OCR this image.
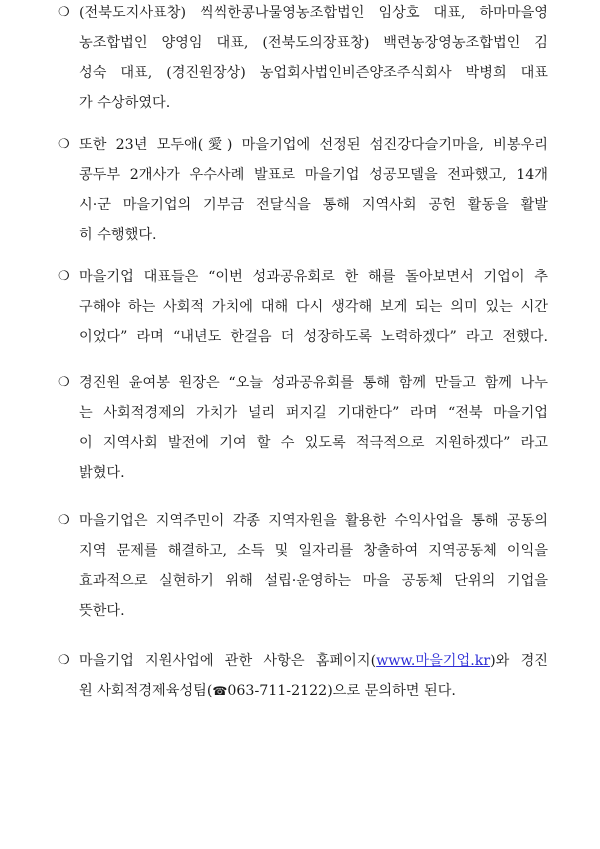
❍ (전북도지사표창) 씩씩한콩나물영농조합법인 임상호 대표, 하마마을영
농조합법인 양영임 대표, (전북도의장표창) 백련농장영농조합법인 김
성숙 대표, (경진원장상) 농업회사법인비즌양조주식회사 박병희 대표
가 수상하였다.
❍ 또한 23년 모두애(愛) 마을기업에 선정된 섬진강다슬기마을, 비봉우리
콩두부 2개사가 우수사례 발표로 마을기업 성공모델을 전파했고, 14개
시·군 마을기업의 기부금 전달식을 통해 지역사회 공헌 활동을 활발
히 수행했다.
❍ 마을기업 대표들은 “이번 성과공유회로 한 해를 돌아보면서 기업이 추
구해야 하는 사회적 가치에 대해 다시 생각해 보게 되는 의미 있는 시간
이었다” 라며 “내년도 한걸음 더 성장하도록 노력하겠다” 라고 전했다.
❍ 경진원 윤여봉 원장은 “오늘 성과공유회를 통해 함께 만들고 함께 나누
는 사회적경제의 가치가 널리 퍼지길 기대한다” 라며 “전북 마을기업
이 지역사회 발전에 기여 할 수 있도록 적극적으로 지원하겠다” 라고
밝혔다.
❍ 마을기업은 지역주민이 각종 지역자원을 활용한 수익사업을 통해 공동의
지역 문제를 해결하고, 소득 및 일자리를 창출하여 지역공동체 이익을
효과적으로 실현하기 위해 설립·운영하는 마을 공동체 단위의 기업을
뜻한다.
❍ 마을기업 지원사업에 관한 사항은 홈페이지(www.마을기업.kr)와 경진
원 사회적경제육성팀(☎063-711-2122)으로 문의하면 된다.
